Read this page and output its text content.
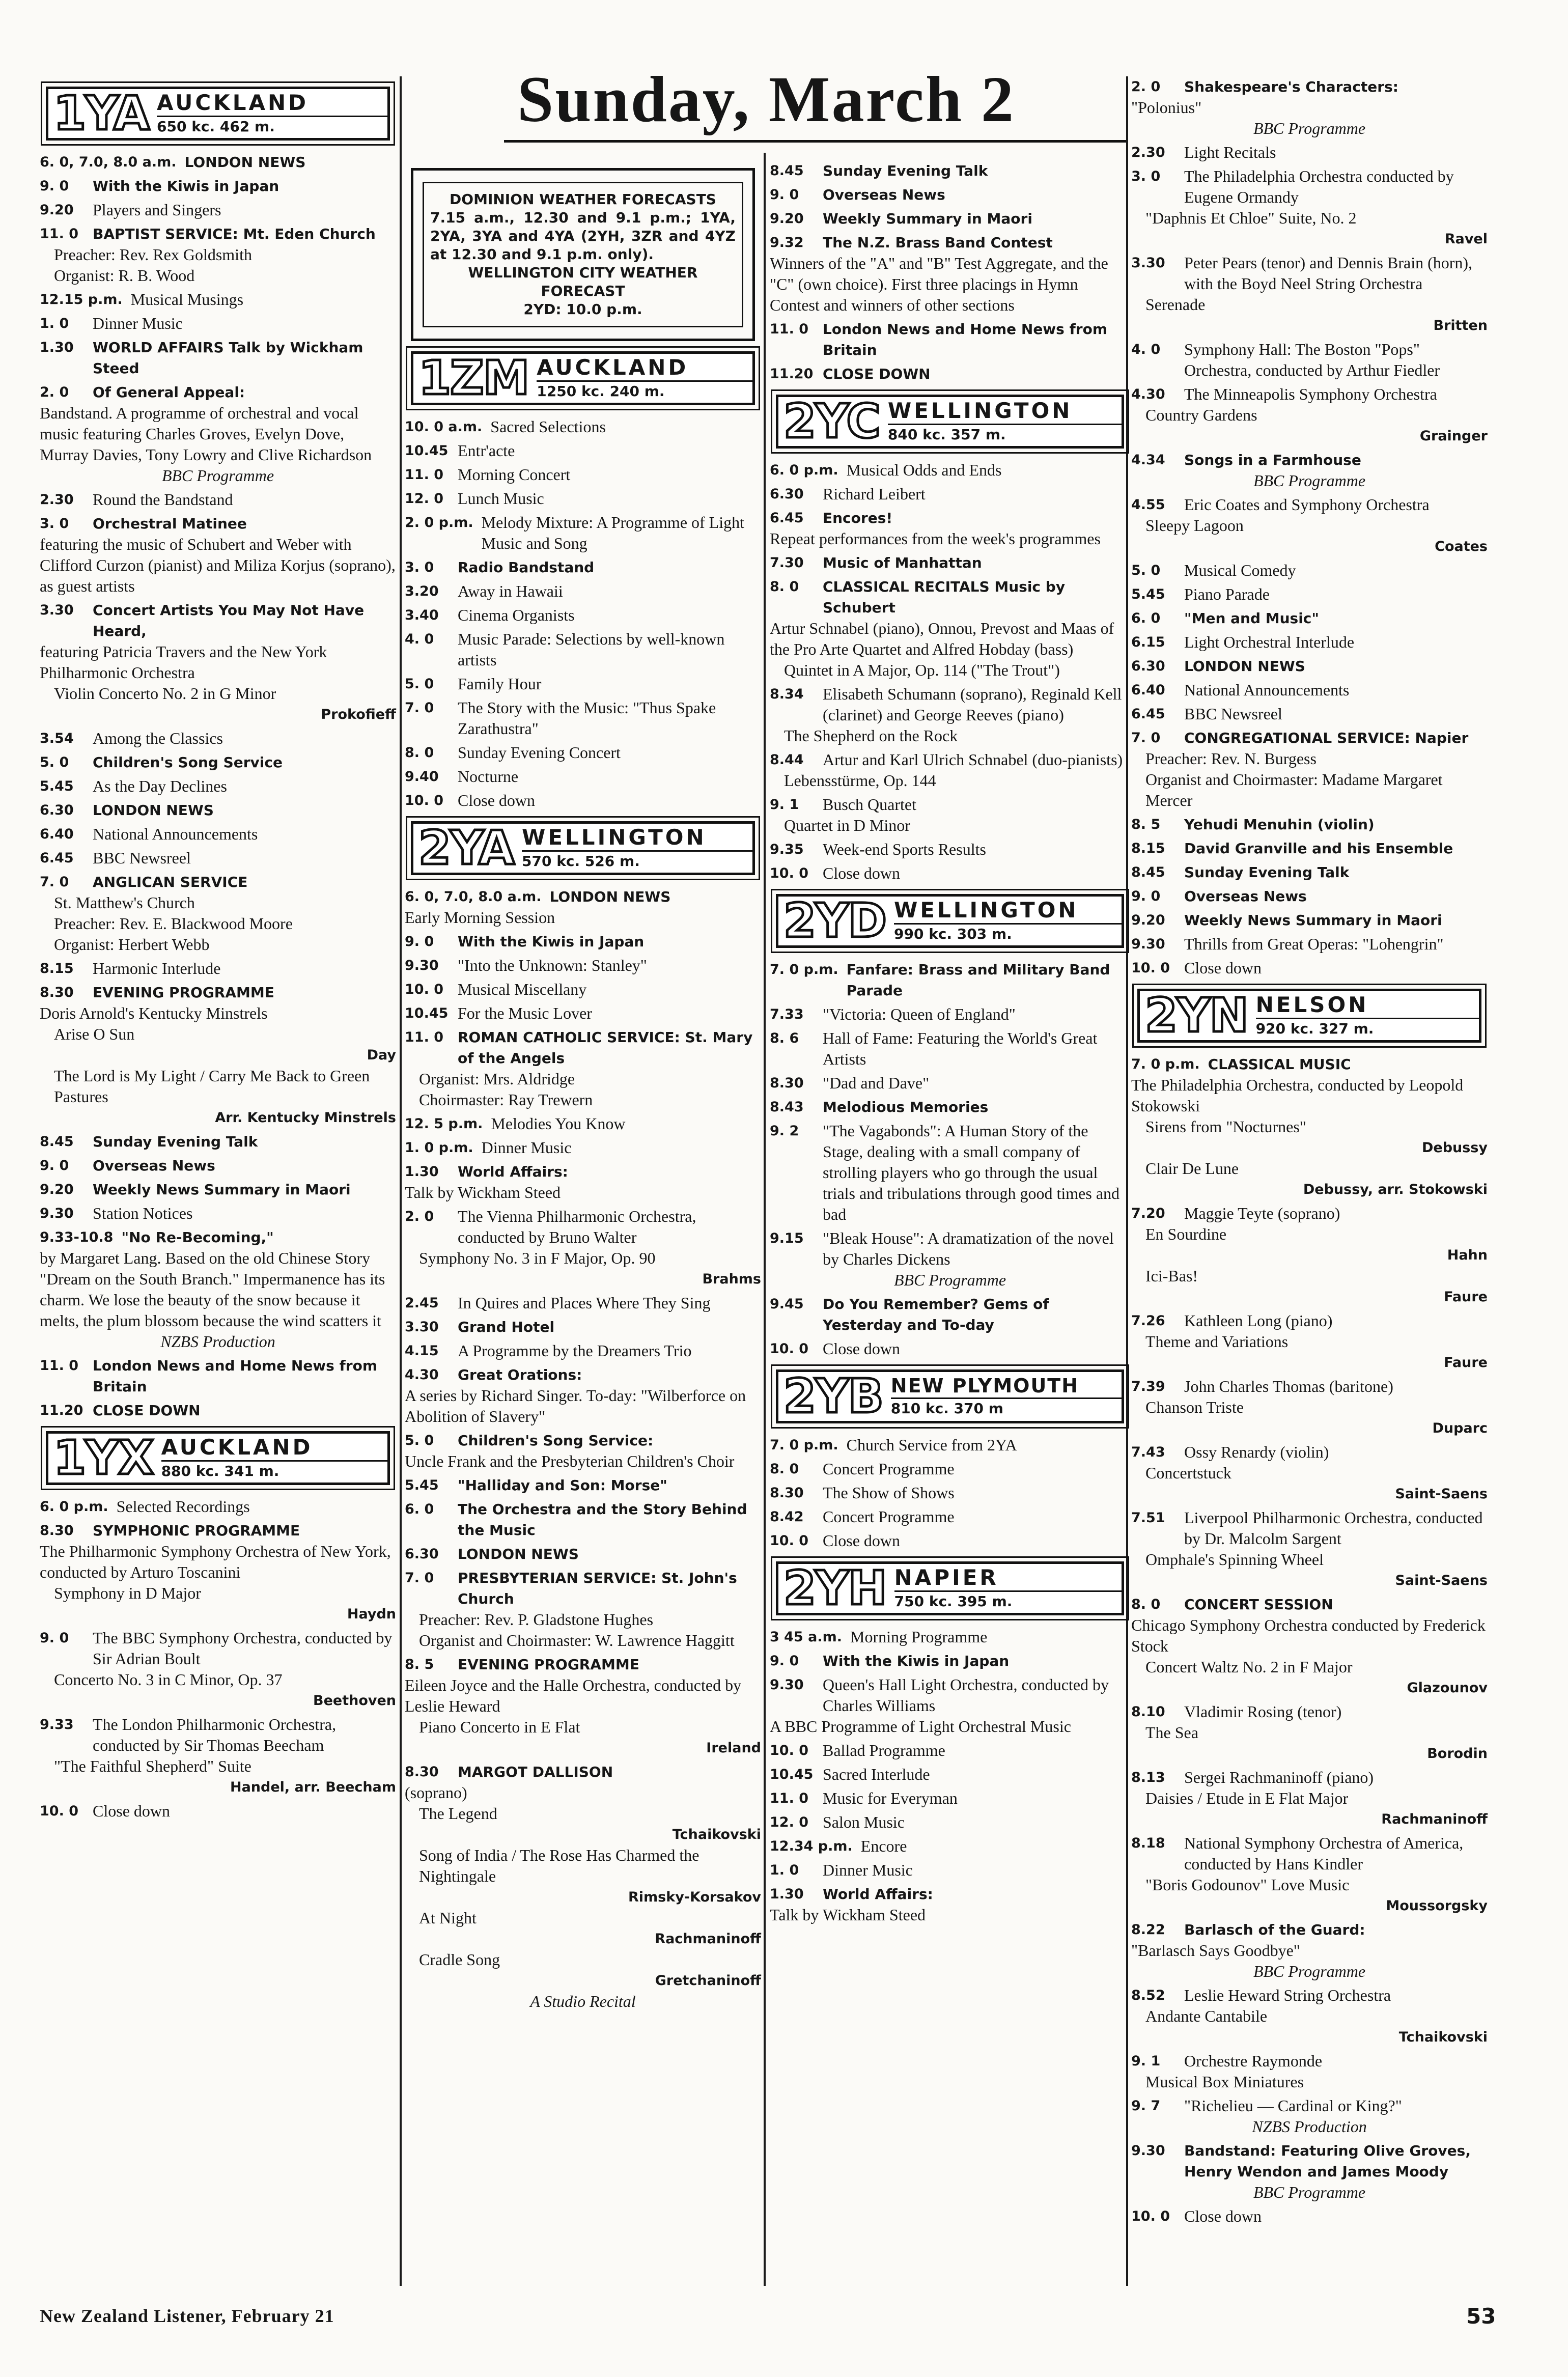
Sunday, March 2
1YA AUCKLAND
650 kc. 462 m.
6. 0, 7.0, 8.0 a.m. LONDON NEWS
9. 0	With the Kiwis in Japan
9.20	Players and Singers
11. 0 BAPTIST SERVICE: Mt. Eden Church
Preacher: Rev. Rex Goldsmith
Organist: R. B. Wood
12.15 p.m. Musical Musings
1. 0	Dinner Music
1.30	WORLD AFFAIRS Talk by Wickham Steed
2. 0	Of General Appeal:
Bandstand. A programme of orchestral and vocal music featuring Charles Groves, Evelyn Dove, Murray Davies, Tony Lowry and Clive Richardson
BBC Programme
2.30	Round the Bandstand
3. 0	Orchestral Matinee
featuring the music of Schubert and Weber with Clifford Curzon (pianist) and Miliza Korjus (soprano), as guest artists
3.30	Concert Artists You May Not Have Heard,
featuring Patricia Travers and the New York Philharmonic Orchestra
Violin Concerto No. 2 in G Minor
Prokofieff
3.54	Among the Classics
5. 0	Children's Song Service
5.45	As the Day Declines
6.30	LONDON NEWS
6.40	National Announcements
6.45	BBC Newsreel
7. 0	ANGLICAN SERVICE
St. Matthew's Church
Preacher: Rev. E. Blackwood Moore
Organist: Herbert Webb
8.15	Harmonic Interlude
8.30	EVENING PROGRAMME
Doris Arnold's Kentucky Minstrels
Arise O Sun
Day
The Lord is My Light / Carry Me Back to Green Pastures
Arr. Kentucky Minstrels
8.45	Sunday Evening Talk
9. 0	Overseas News
9.20	Weekly News Summary in Maori
9.30	Station Notices
9.33-10.8 "No Re-Becoming,"
by Margaret Lang. Based on the old Chinese Story "Dream on the South Branch." Impermanence has its charm. We lose the beauty of the snow because it melts, the plum blossom because the wind scatters it
NZBS Production
11. 0 London News and Home News from Britain
11.20 CLOSE DOWN
1YX AUCKLAND
880 kc. 341 m.
6. 0 p.m. Selected Recordings
8.30	SYMPHONIC PROGRAMME
The Philharmonic Symphony Orchestra of New York, conducted by Arturo Toscanini
Symphony in D Major
Haydn
9. 0	The BBC Symphony Orchestra, conducted by Sir Adrian Boult
Concerto No. 3 in C Minor, Op. 37
Beethoven
9.33	The London Philharmonic Orchestra, conducted by Sir Thomas Beecham
"The Faithful Shepherd" Suite
Handel, arr. Beecham
10. 0 Close down
DOMINION WEATHER FORECASTS
7.15 a.m., 12.30 and 9.1 p.m.; 1YA, 2YA, 3YA and 4YA (2YH, 3ZR and 4YZ at 12.30 and 9.1 p.m. only).
WELLINGTON CITY WEATHER FORECAST
2YD: 10.0 p.m.
1ZM AUCKLAND
1250 kc. 240 m.
10. 0 a.m. Sacred Selections
10.45 Entr'acte
11. 0 Morning Concert
12. 0 Lunch Music
2. 0 p.m. Melody Mixture: A Programme of Light Music and Song
3. 0	Radio Bandstand
3.20	Away in Hawaii
3.40	Cinema Organists
4. 0	Music Parade: Selections by well-known artists
5. 0	Family Hour
7. 0	The Story with the Music: "Thus Spake Zarathustra"
8. 0	Sunday Evening Concert
9.40	Nocturne
10. 0 Close down
2YA WELLINGTON
570 kc. 526 m.
6. 0, 7.0, 8.0 a.m. LONDON NEWS
Early Morning Session
9. 0	With the Kiwis in Japan
9.30	"Into the Unknown: Stanley"
10. 0 Musical Miscellany
10.45 For the Music Lover
11. 0 ROMAN CATHOLIC SERVICE: St. Mary of the Angels
Organist: Mrs. Aldridge
Choirmaster: Ray Trewern
12. 5 p.m. Melodies You Know
1. 0 p.m. Dinner Music
1.30	World Affairs:
Talk by Wickham Steed
2. 0	The Vienna Philharmonic Orchestra, conducted by Bruno Walter
Symphony No. 3 in F Major, Op. 90
Brahms
2.45	In Quires and Places Where They Sing
3.30	Grand Hotel
4.15	A Programme by the Dreamers Trio
4.30	Great Orations:
A series by Richard Singer. To-day: "Wilberforce on Abolition of Slavery"
5. 0	Children's Song Service:
Uncle Frank and the Presbyterian Children's Choir
5.45	"Halliday and Son: Morse"
6. 0	The Orchestra and the Story Behind the Music
6.30	LONDON NEWS
7. 0	PRESBYTERIAN SERVICE: St. John's Church
Preacher: Rev. P. Gladstone Hughes
Organist and Choirmaster: W. Lawrence Haggitt
8. 5	EVENING PROGRAMME
Eileen Joyce and the Halle Orchestra, conducted by Leslie Heward
Piano Concerto in E Flat
Ireland
8.30	MARGOT DALLISON
(soprano)
The Legend
Tchaikovski
Song of India / The Rose Has Charmed the Nightingale
Rimsky-Korsakov
At Night
Rachmaninoff
Cradle Song
Gretchaninoff
A Studio Recital
8.45	Sunday Evening Talk
9. 0	Overseas News
9.20	Weekly Summary in Maori
9.32	The N.Z. Brass Band Contest
Winners of the "A" and "B" Test Aggregate, and the "C" (own choice). First three placings in Hymn Contest and winners of other sections
11. 0 London News and Home News from Britain
11.20 CLOSE DOWN
2YC WELLINGTON
840 kc. 357 m.
6. 0 p.m. Musical Odds and Ends
6.30	Richard Leibert
6.45	Encores!
Repeat performances from the week's programmes
7.30	Music of Manhattan
8. 0	CLASSICAL RECITALS Music by Schubert
Artur Schnabel (piano), Onnou, Prevost and Maas of the Pro Arte Quartet and Alfred Hobday (bass)
Quintet in A Major, Op. 114 ("The Trout")
8.34	Elisabeth Schumann (soprano), Reginald Kell (clarinet) and George Reeves (piano)
The Shepherd on the Rock
8.44	Artur and Karl Ulrich Schnabel (duo-pianists)
Lebensstürme, Op. 144
9. 1	Busch Quartet
Quartet in D Minor
9.35	Week-end Sports Results
10. 0 Close down
2YD WELLINGTON
990 kc. 303 m.
7. 0 p.m. Fanfare: Brass and Military Band Parade
7.33	"Victoria: Queen of England"
8. 6	Hall of Fame: Featuring the World's Great Artists
8.30	"Dad and Dave"
8.43	Melodious Memories
9. 2	"The Vagabonds": A Human Story of the Stage, dealing with a small company of strolling players who go through the usual trials and tribulations through good times and bad
9.15	"Bleak House": A dramatization of the novel by Charles Dickens
BBC Programme
9.45	Do You Remember? Gems of Yesterday and To-day
10. 0 Close down
2YB NEW PLYMOUTH
810 kc. 370 m
7. 0 p.m. Church Service from 2YA
8. 0	Concert Programme
8.30	The Show of Shows
8.42	Concert Programme
10. 0 Close down
2YH NAPIER
750 kc. 395 m.
3 45 a.m. Morning Programme
9. 0	With the Kiwis in Japan
9.30	Queen's Hall Light Orchestra, conducted by Charles Williams
A BBC Programme of Light Orchestral Music
10. 0 Ballad Programme
10.45 Sacred Interlude
11. 0 Music for Everyman
12. 0 Salon Music
12.34 p.m. Encore
1. 0	Dinner Music
1.30	World Affairs:
Talk by Wickham Steed
2. 0	Shakespeare's Characters:
"Polonius"
BBC Programme
2.30	Light Recitals
3. 0	The Philadelphia Orchestra conducted by Eugene Ormandy
"Daphnis Et Chloe" Suite, No. 2
Ravel
3.30	Peter Pears (tenor) and Dennis Brain (horn), with the Boyd Neel String Orchestra
Serenade
Britten
4. 0	Symphony Hall: The Boston "Pops" Orchestra, conducted by Arthur Fiedler
4.30	The Minneapolis Symphony Orchestra
Country Gardens
Grainger
4.34	Songs in a Farmhouse
BBC Programme
4.55	Eric Coates and Symphony Orchestra
Sleepy Lagoon
Coates
5. 0	Musical Comedy
5.45	Piano Parade
6. 0	"Men and Music"
6.15	Light Orchestral Interlude
6.30	LONDON NEWS
6.40	National Announcements
6.45	BBC Newsreel
7. 0	CONGREGATIONAL SERVICE: Napier
Preacher: Rev. N. Burgess
Organist and Choirmaster: Madame Margaret Mercer
8. 5	Yehudi Menuhin (violin)
8.15	David Granville and his Ensemble
8.45	Sunday Evening Talk
9. 0	Overseas News
9.20	Weekly News Summary in Maori
9.30	Thrills from Great Operas: "Lohengrin"
10. 0 Close down
2YN NELSON
920 kc. 327 m.
7. 0 p.m. CLASSICAL MUSIC
The Philadelphia Orchestra, conducted by Leopold Stokowski
Sirens from "Nocturnes"
Debussy
Clair De Lune
Debussy, arr. Stokowski
7.20	Maggie Teyte (soprano)
En Sourdine
Hahn
Ici-Bas!
Faure
7.26	Kathleen Long (piano)
Theme and Variations
Faure
7.39	John Charles Thomas (baritone)
Chanson Triste
Duparc
7.43	Ossy Renardy (violin)
Concertstuck
Saint-Saens
7.51	Liverpool Philharmonic Orchestra, conducted by Dr. Malcolm Sargent
Omphale's Spinning Wheel
Saint-Saens
8. 0	CONCERT SESSION
Chicago Symphony Orchestra conducted by Frederick Stock
Concert Waltz No. 2 in F Major
Glazounov
8.10	Vladimir Rosing (tenor)
The Sea
Borodin
8.13	Sergei Rachmaninoff (piano)
Daisies / Etude in E Flat Major
Rachmaninoff
8.18	National Symphony Orchestra of America, conducted by Hans Kindler
"Boris Godounov" Love Music
Moussorgsky
8.22	Barlasch of the Guard:
"Barlasch Says Goodbye"
BBC Programme
8.52	Leslie Heward String Orchestra
Andante Cantabile
Tchaikovski
9. 1	Orchestre Raymonde
Musical Box Miniatures
9. 7	"Richelieu — Cardinal or King?"
NZBS Production
9.30	Bandstand: Featuring Olive Groves, Henry Wendon and James Moody
BBC Programme
10. 0 Close down
New Zealand Listener, February 21	53
